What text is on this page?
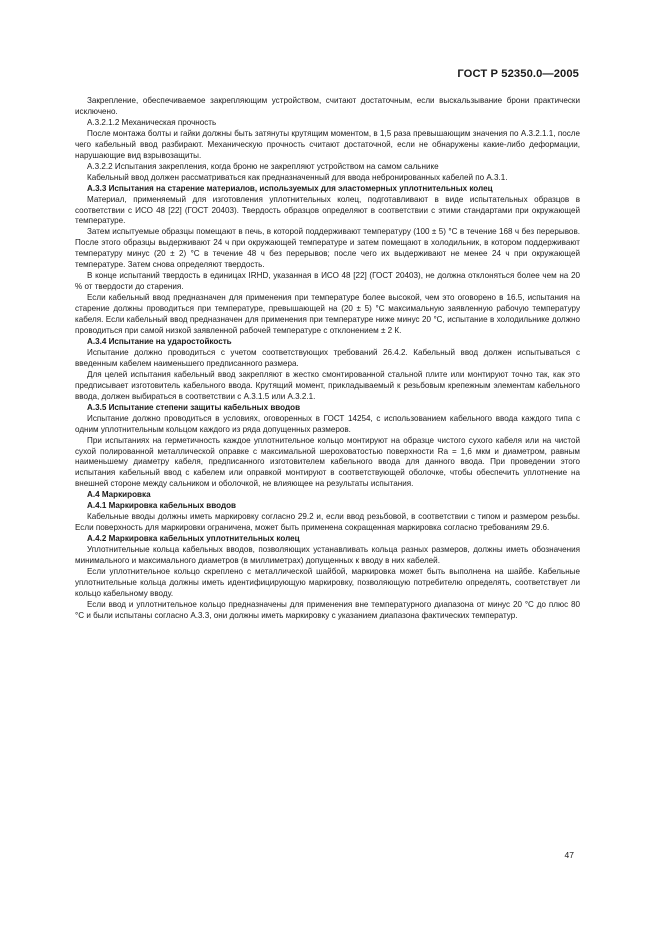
ГОСТ Р 52350.0—2005

Закрепление, обеспечиваемое закрепляющим устройством, считают достаточным, если выскальзывание брони практически исключено.

А.3.2.1.2 Механическая прочность

После монтажа болты и гайки должны быть затянуты крутящим моментом, в 1,5 раза превышающим значения по А.3.2.1.1, после чего кабельный ввод разбирают. Механическую прочность считают достаточной, если не обнаружены какие-либо деформации, нарушающие вид взрывозащиты.

А.3.2.2 Испытания закрепления, когда броню не закрепляют устройством на самом сальнике

Кабельный ввод должен рассматриваться как предназначенный для ввода небронированных кабелей по А.3.1.

А.3.3 Испытания на старение материалов, используемых для эластомерных уплотнительных колец

Материал, применяемый для изготовления уплотнительных колец, подготавливают в виде испытательных образцов в соответствии с ИСО 48 [22] (ГОСТ 20403). Твердость образцов определяют в соответствии с этими стандартами при окружающей температуре.

Затем испытуемые образцы помещают в печь, в которой поддерживают температуру (100 ± 5) °С в течение 168 ч без перерывов. После этого образцы выдерживают 24 ч при окружающей температуре и затем помещают в холодильник, в котором поддерживают температуру минус (20 ± 2) °С в течение 48 ч без перерывов; после чего их выдерживают не менее 24 ч при окружающей температуре. Затем снова определяют твердость.

В конце испытаний твердость в единицах IRHD, указанная в ИСО 48 [22] (ГОСТ 20403), не должна отклоняться более чем на 20 % от твердости до старения.

Если кабельный ввод предназначен для применения при температуре более высокой, чем это оговорено в 16.5, испытания на старение должны проводиться при температуре, превышающей на (20 ± 5) °С максимальную заявленную рабочую температуру кабеля. Если кабельный ввод предназначен для применения при температуре ниже минус 20 °С, испытание в холодильнике должно проводиться при самой низкой заявленной рабочей температуре с отклонением ± 2 К.

А.3.4 Испытание на ударостойкость

Испытание должно проводиться с учетом соответствующих требований 26.4.2. Кабельный ввод должен испытываться с введенным кабелем наименьшего предписанного размера.

Для целей испытания кабельный ввод закрепляют в жестко смонтированной стальной плите или монтируют точно так, как это предписывает изготовитель кабельного ввода. Крутящий момент, прикладываемый к резьбовым крепежным элементам кабельного ввода, должен выбираться в соответствии с А.3.1.5 или А.3.2.1.

А.3.5 Испытание степени защиты кабельных вводов

Испытание должно проводиться в условиях, оговоренных в ГОСТ 14254, с использованием кабельного ввода каждого типа с одним уплотнительным кольцом каждого из ряда допущенных размеров.

При испытаниях на герметичность каждое уплотнительное кольцо монтируют на образце чистого сухого кабеля или на чистой сухой полированной металлической оправке с максимальной шероховатостью поверхности Ra = 1,6 мкм и диаметром, равным наименьшему диаметру кабеля, предписанного изготовителем кабельного ввода для данного ввода. При проведении этого испытания кабельный ввод с кабелем или оправкой монтируют в соответствующей оболочке, чтобы обеспечить уплотнение на внешней стороне между сальником и оболочкой, не влияющее на результаты испытания.

А.4 Маркировка

А.4.1 Маркировка кабельных вводов

Кабельные вводы должны иметь маркировку согласно 29.2 и, если ввод резьбовой, в соответствии с типом и размером резьбы. Если поверхность для маркировки ограничена, может быть применена сокращенная маркировка согласно требованиям 29.6.

А.4.2 Маркировка кабельных уплотнительных колец

Уплотнительные кольца кабельных вводов, позволяющих устанавливать кольца разных размеров, должны иметь обозначения минимального и максимального диаметров (в миллиметрах) допущенных к вводу в них кабелей.

Если уплотнительное кольцо скреплено с металлической шайбой, маркировка может быть выполнена на шайбе. Кабельные уплотнительные кольца должны иметь идентифицирующую маркировку, позволяющую потребителю определять, соответствует ли кольцо кабельному вводу.

Если ввод и уплотнительное кольцо предназначены для применения вне температурного диапазона от минус 20 °С до плюс 80 °С и были испытаны согласно А.3.3, они должны иметь маркировку с указанием диапазона фактических температур.

47
